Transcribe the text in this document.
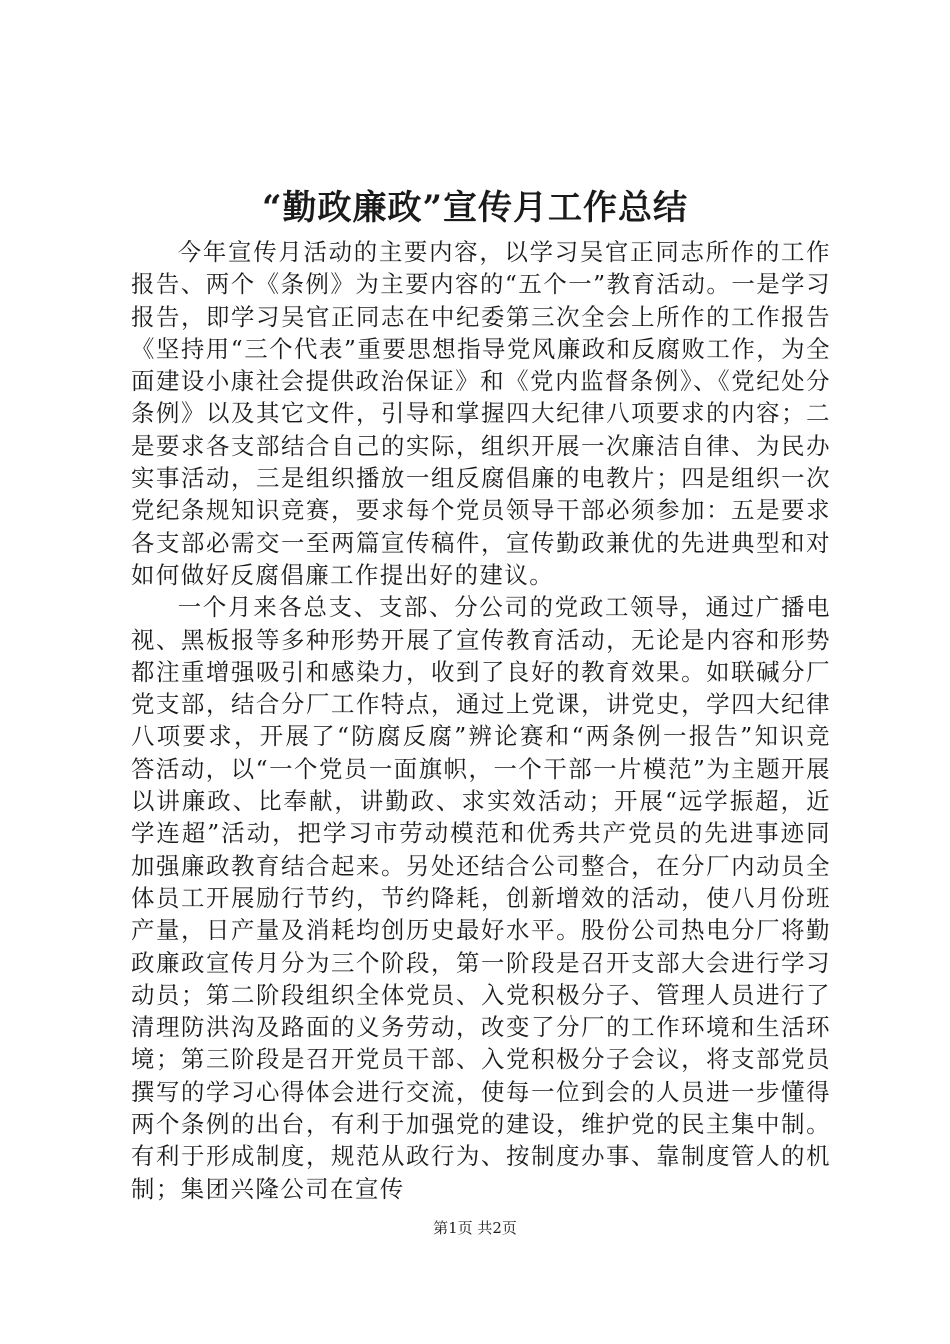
“勤政廉政”宣传月工作总结

今年宣传月活动的主要内容，以学习吴官正同志所作的工作报告、两个《条例》为主要内容的“五个一”教育活动。一是学习报告，即学习吴官正同志在中纪委第三次全会上所作的工作报告《坚持用“三个代表”重要思想指导党风廉政和反腐败工作，为全面建设小康社会提供政治保证》和《党内监督条例》、《党纪处分条例》以及其它文件，引导和掌握四大纪律八项要求的内容；二是要求各支部结合自己的实际，组织开展一次廉洁自律、为民办实事活动，三是组织播放一组反腐倡廉的电教片；四是组织一次党纪条规知识竞赛，要求每个党员领导干部必须参加：五是要求各支部必需交一至两篇宣传稿件，宣传勤政兼优的先进典型和对如何做好反腐倡廉工作提出好的建议。

一个月来各总支、支部、分公司的党政工领导，通过广播电视、黑板报等多种形势开展了宣传教育活动，无论是内容和形势都注重增强吸引和感染力，收到了良好的教育效果。如联碱分厂党支部，结合分厂工作特点，通过上党课，讲党史，学四大纪律八项要求，开展了“防腐反腐”辨论赛和“两条例一报告”知识竞答活动，以“一个党员一面旗帜，一个干部一片模范”为主题开展以讲廉政、比奉献，讲勤政、求实效活动；开展“远学振超，近学连超”活动，把学习市劳动模范和优秀共产党员的先进事迹同加强廉政教育结合起来。另处还结合公司整合，在分厂内动员全体员工开展励行节约，节约降耗，创新增效的活动，使八月份班产量，日产量及消耗均创历史最好水平。股份公司热电分厂将勤政廉政宣传月分为三个阶段，第一阶段是召开支部大会进行学习动员；第二阶段组织全体党员、入党积极分子、管理人员进行了清理防洪沟及路面的义务劳动，改变了分厂的工作环境和生活环境；第三阶段是召开党员干部、入党积极分子会议，将支部党员撰写的学习心得体会进行交流，使每一位到会的人员进一步懂得两个条例的出台，有利于加强党的建设，维护党的民主集中制。有利于形成制度，规范从政行为、按制度办事、靠制度管人的机制；集团兴隆公司在宣传

第1页 共2页
